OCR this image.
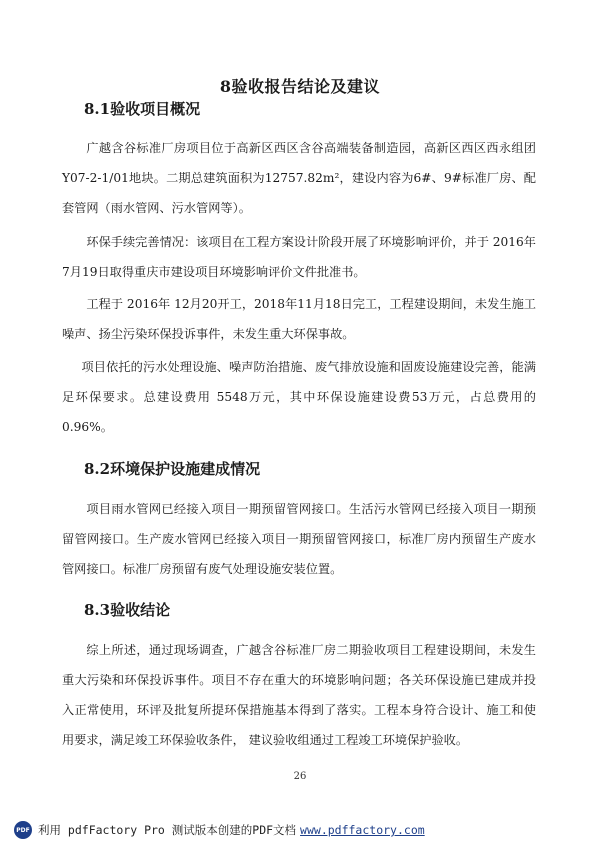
8验收报告结论及建议
8.1验收项目概况

广越含谷标准厂房项目位于高新区西区含谷高端装备制造园，高新区西区西永组团Y07-2-1/01地块。二期总建筑面积为12757.82m²，建设内容为6#、9#标准厂房、配套管网（雨水管网、污水管网等）。

环保手续完善情况：该项目在工程方案设计阶段开展了环境影响评价，并于 2016年 7月19日取得重庆市建设项目环境影响评价文件批准书。

工程于 2016年 12月20开工，2018年11月18日完工，工程建设期间，未发生施工噪声、扬尘污染环保投诉事件，未发生重大环保事故。

项目依托的污水处理设施、噪声防治措施、废气排放设施和固废设施建设完善，能满足环保要求。总建设费用 5548万元，其中环保设施建设费53万元，占总费用的0.96%。

8.2环境保护设施建成情况

项目雨水管网已经接入项目一期预留管网接口。生活污水管网已经接入项目一期预留管网接口。生产废水管网已经接入项目一期预留管网接口，标准厂房内预留生产废水管网接口。标准厂房预留有废气处理设施安装位置。

8.3验收结论

综上所述，通过现场调查，广越含谷标准厂房二期验收项目工程建设期间，未发生重大污染和环保投诉事件。项目不存在重大的环境影响问题；各关环保设施已建成并投入正常使用，环评及批复所提环保措施基本得到了落实。工程本身符合设计、施工和使用要求，满足竣工环保验收条件， 建议验收组通过工程竣工环境保护验收。

26
PDF 利用 pdfFactory Pro 测试版本创建的PDF文档 www.pdffactory.com
